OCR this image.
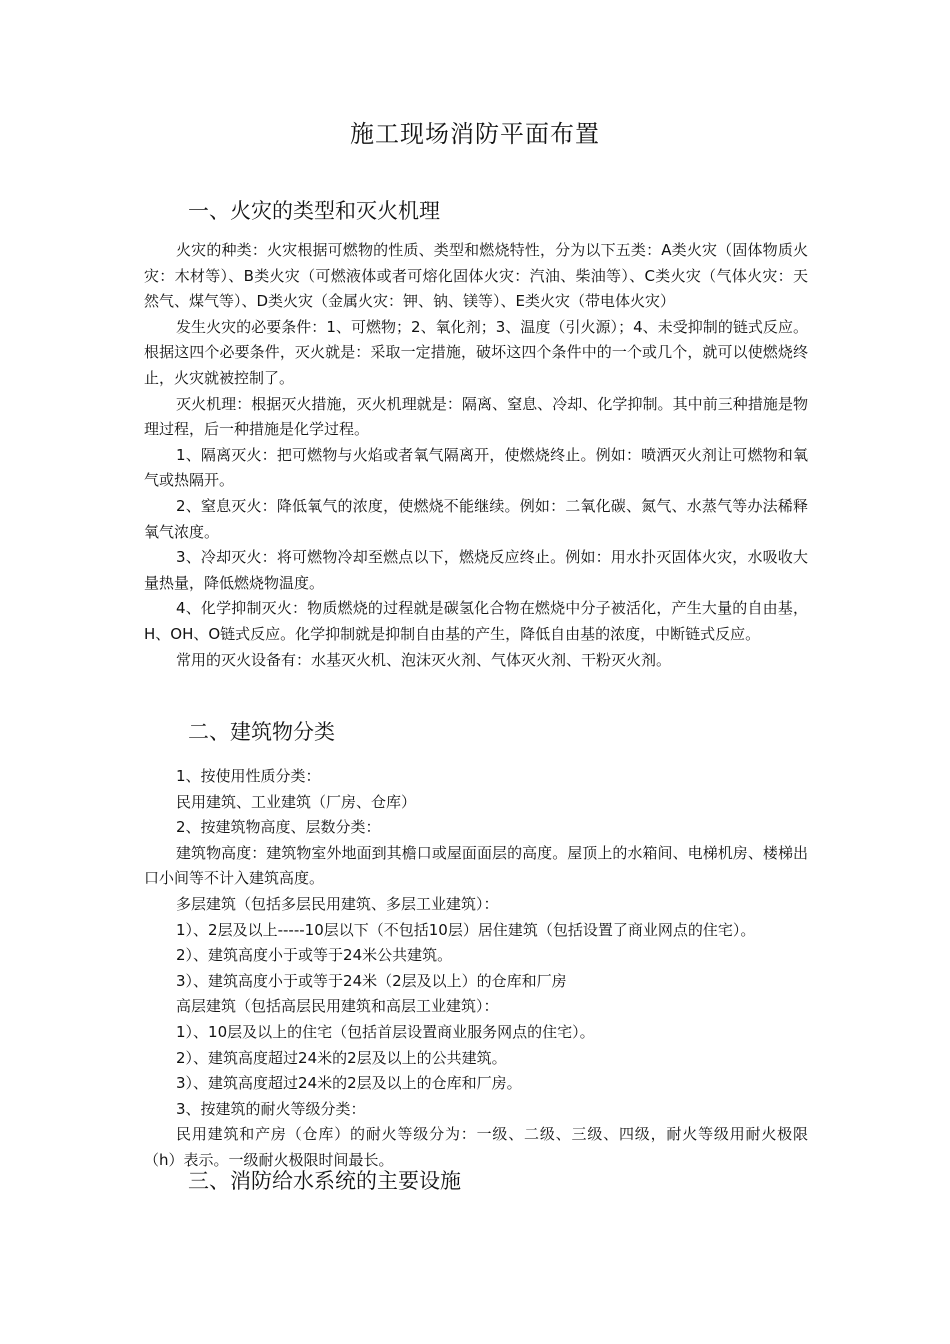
施工现场消防平面布置
一、火灾的类型和灭火机理

火灾的种类：火灾根据可燃物的性质、类型和燃烧特性，分为以下五类：A类火灾（固体物质火灾：木材等）、B类火灾（可燃液体或者可熔化固体火灾：汽油、柴油等）、C类火灾（气体火灾：天然气、煤气等）、D类火灾（金属火灾：钾、钠、镁等）、E类火灾（带电体火灾）

发生火灾的必要条件：1、可燃物；2、氧化剂；3、温度（引火源）；4、未受抑制的链式反应。根据这四个必要条件，灭火就是：采取一定措施，破坏这四个条件中的一个或几个，就可以使燃烧终止，火灾就被控制了。

灭火机理：根据灭火措施，灭火机理就是：隔离、窒息、冷却、化学抑制。其中前三种措施是物理过程，后一种措施是化学过程。

1、隔离灭火：把可燃物与火焰或者氧气隔离开，使燃烧终止。例如：喷洒灭火剂让可燃物和氧气或热隔开。

2、窒息灭火：降低氧气的浓度，使燃烧不能继续。例如：二氧化碳、氮气、水蒸气等办法稀释氧气浓度。

3、冷却灭火：将可燃物冷却至燃点以下，燃烧反应终止。例如：用水扑灭固体火灾，水吸收大量热量，降低燃烧物温度。

4、化学抑制灭火：物质燃烧的过程就是碳氢化合物在燃烧中分子被活化，产生大量的自由基，H、OH、O链式反应。化学抑制就是抑制自由基的产生，降低自由基的浓度，中断链式反应。

常用的灭火设备有：水基灭火机、泡沫灭火剂、气体灭火剂、干粉灭火剂。

二、建筑物分类

1、按使用性质分类：

民用建筑、工业建筑（厂房、仓库）

2、按建筑物高度、层数分类：

建筑物高度：建筑物室外地面到其檐口或屋面面层的高度。屋顶上的水箱间、电梯机房、楼梯出口小间等不计入建筑高度。

多层建筑（包括多层民用建筑、多层工业建筑）：

1）、2层及以上-----10层以下（不包括10层）居住建筑（包括设置了商业网点的住宅）。

2）、建筑高度小于或等于24米公共建筑。

3）、建筑高度小于或等于24米（2层及以上）的仓库和厂房

高层建筑（包括高层民用建筑和高层工业建筑）：

1）、10层及以上的住宅（包括首层设置商业服务网点的住宅）。

2）、建筑高度超过24米的2层及以上的公共建筑。

3）、建筑高度超过24米的2层及以上的仓库和厂房。

3、按建筑的耐火等级分类：

民用建筑和产房（仓库）的耐火等级分为：一级、二级、三级、四级，耐火等级用耐火极限（h）表示。一级耐火极限时间最长。

三、消防给水系统的主要设施
